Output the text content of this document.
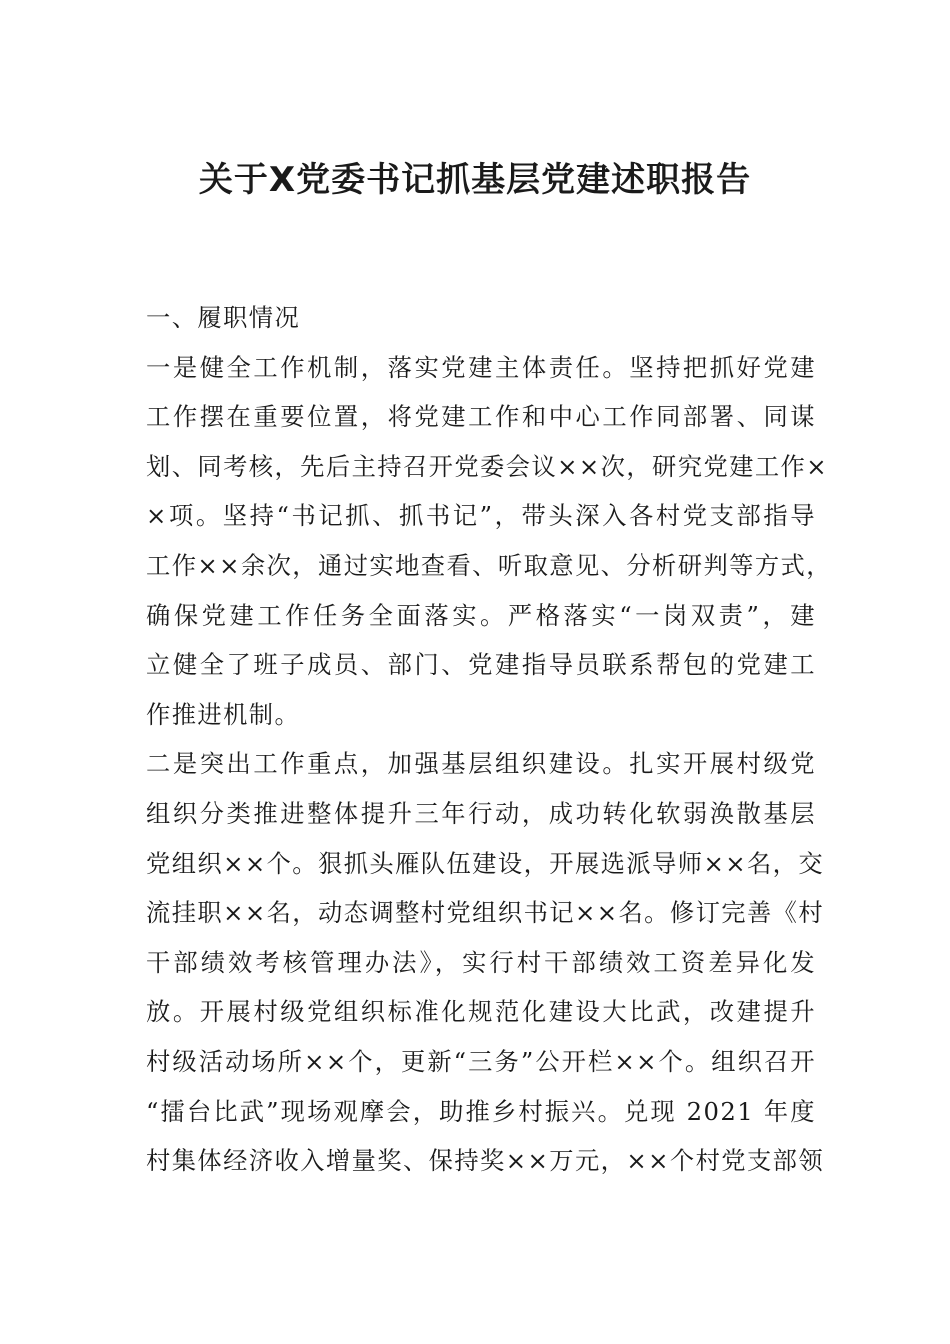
关于X党委书记抓基层党建述职报告
一、履职情况
一是健全工作机制，落实党建主体责任。坚持把抓好党建
工作摆在重要位置，将党建工作和中心工作同部署、同谋
划、同考核，先后主持召开党委会议××次，研究党建工作×
×项。坚持“书记抓、抓书记”，带头深入各村党支部指导
工作××余次，通过实地查看、听取意见、分析研判等方式，
确保党建工作任务全面落实。严格落实“一岗双责”，建
立健全了班子成员、部门、党建指导员联系帮包的党建工
作推进机制。
二是突出工作重点，加强基层组织建设。扎实开展村级党
组织分类推进整体提升三年行动，成功转化软弱涣散基层
党组织××个。狠抓头雁队伍建设，开展选派导师××名，交
流挂职××名，动态调整村党组织书记××名。修订完善《村
干部绩效考核管理办法》，实行村干部绩效工资差异化发
放。开展村级党组织标准化规范化建设大比武，改建提升
村级活动场所××个，更新“三务”公开栏××个。组织召开
“擂台比武”现场观摩会，助推乡村振兴。兑现 2021 年度
村集体经济收入增量奖、保持奖××万元，××个村党支部领
